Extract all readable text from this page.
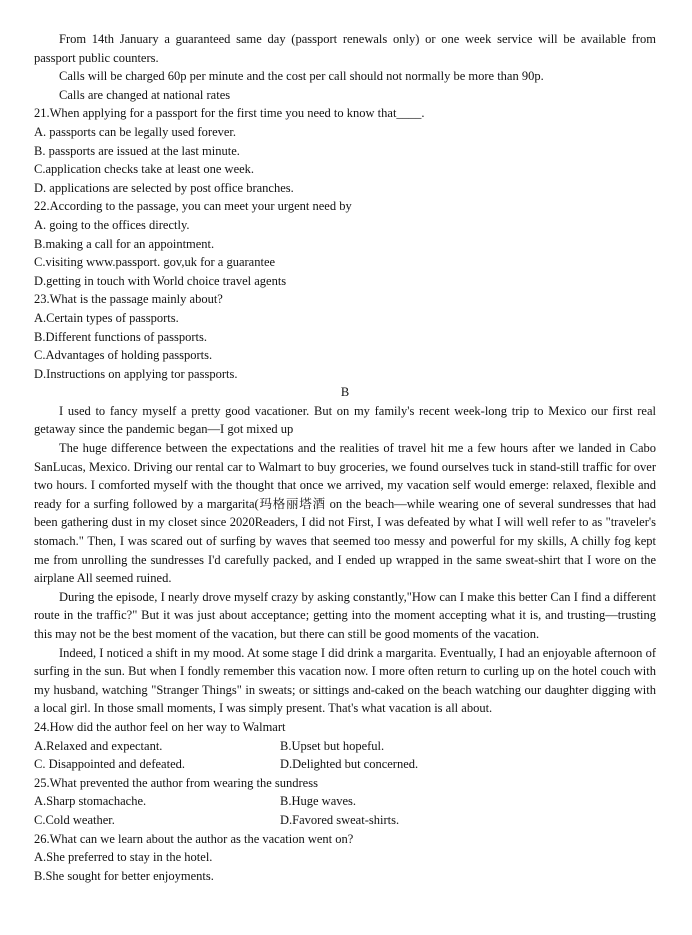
From 14th January a guaranteed same day (passport renewals only) or one week service will be available from passport public counters.

Calls will be charged 60p per minute and the cost per call should not normally be more than 90p.

Calls are changed at national rates

21.When applying for a passport for the first time you need to know that____.

A. passports can be legally used forever.

B. passports are issued at the last minute.

C.application checks take at least one week.

D. applications are selected by post office branches.

22.According to the passage, you can meet your urgent need by

A. going to the offices directly.

B.making a call for an appointment.

C.visiting www.passport. gov,uk for a guarantee

D.getting in touch with World choice travel agents

23.What is the passage mainly about?

A.Certain types of passports.

B.Different functions of passports.

C.Advantages of holding passports.

D.Instructions on applying tor passports.

B

I used to fancy myself a pretty good vacationer. But on my family's recent week-long trip to Mexico our first real getaway since the pandemic began—I got mixed up

The huge difference between the expectations and the realities of travel hit me a few hours after we landed in Cabo SanLucas, Mexico. Driving our rental car to Walmart to buy groceries, we found ourselves tuck in stand-still traffic for over two hours. I comforted myself with the thought that once we arrived, my vacation self would emerge: relaxed, flexible and ready for a surfing followed by a margarita(玛格丽塔酒 on the beach—while wearing one of several sundresses that had been gathering dust in my closet since 2020Readers, I did not First, I was defeated by what I will well refer to as "traveler's stomach." Then, I was scared out of surfing by waves that seemed too messy and powerful for my skills, A chilly fog kept me from unrolling the sundresses I'd carefully packed, and I ended up wrapped in the same sweat-shirt that I wore on the airplane All seemed ruined.

During the episode, I nearly drove myself crazy by asking constantly,"How can I make this better Can I find a different route in the traffic?" But it was just about acceptance; getting into the moment accepting what it is, and trusting—trusting this may not be the best moment of the vacation, but there can still be good moments of the vacation.

Indeed, I noticed a shift in my mood. At some stage I did drink a margarita. Eventually, I had an enjoyable afternoon of surfing in the sun. But when I fondly remember this vacation now. I more often return to curling up on the hotel couch with my husband, watching "Stranger Things" in sweats; or sittings and-caked on the beach watching our daughter digging with a local girl. In those small moments, I was simply present. That's what vacation is all about.

24.How did the author feel on her way to Walmart

A.Relaxed and expectant.	B.Upset but hopeful.
C. Disappointed and defeated.	D.Delighted but concerned.

25.What prevented the author from wearing the sundress

A.Sharp stomachache.	B.Huge waves.
C.Cold weather.	D.Favored sweat-shirts.

26.What can we learn about the author as the vacation went on?

A.She preferred to stay in the hotel.

B.She sought for better enjoyments.
